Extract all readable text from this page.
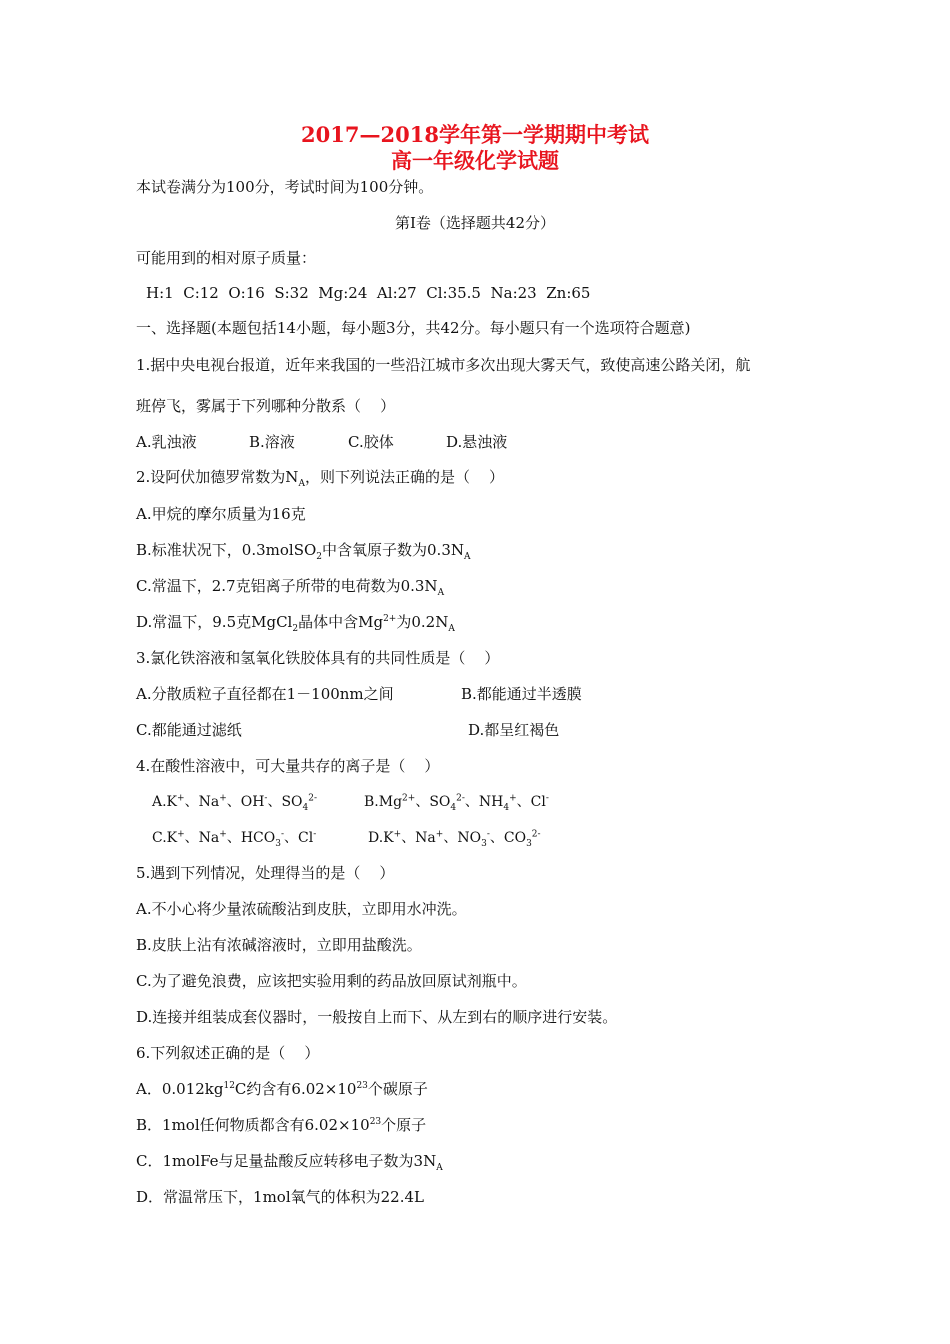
2017—2018学年第一学期期中考试
高一年级化学试题
本试卷满分为100分，考试时间为100分钟。
第Ⅰ卷（选择题共42分）
可能用到的相对原子质量：
H:1  C:12  O:16  S:32  Mg:24  Al:27  Cl:35.5  Na:23  Zn:65
一、选择题(本题包括14小题，每小题3分，共42分。每小题只有一个选项符合题意)
1.据中央电视台报道，近年来我国的一些沿江城市多次出现大雾天气，致使高速公路关闭，航
班停飞，雾属于下列哪种分散系（    ）
A.乳浊液	B.溶液	C.胶体	D.悬浊液
2.设阿伏加德罗常数为$N_A$，则下列说法正确的是（    ）
A.甲烷的摩尔质量为16克
B.标准状况下，0.3molSO$_2$中含氧原子数为$0.3N_A$
C.常温下，2.7克铝离子所带的电荷数为$0.3N_A$
D.常温下，9.5克MgCl$_2$晶体中含$Mg^{2+}$为$0.2N_A$
3.氯化铁溶液和氢氧化铁胶体具有的共同性质是（    ）
A.分散质粒子直径都在1－100nm之间	B.都能通过半透膜
C.都能通过滤纸	D.都呈红褐色
4.在酸性溶液中，可大量共存的离子是（    ）
A.K+、Na+、OH-、$SO_4^{2-}$	$B.Mg^{2+}$、$SO_4^{2-}$、$NH_4^+$、Cl-
C.K+、Na+、$HCO_3^-$、Cl-	D.K+、Na+、$NO_3^-$、$CO_3^{2-}$
5.遇到下列情况，处理得当的是（    ）
A.不小心将少量浓硫酸沾到皮肤，立即用水冲洗。
B.皮肤上沾有浓碱溶液时，立即用盐酸洗。
C.为了避免浪费，应该把实验用剩的药品放回原试剂瓶中。
D.连接并组装成套仪器时，一般按自上而下、从左到右的顺序进行安装。
6.下列叙述正确的是（    ）
A．$0.012kg^{12}C$约含有$6.02\times 10^{23}$个碳原子
B．1mol任何物质都含有$6.02\times 10^{23}$个原子
C．1molFe与足量盐酸反应转移电子数为$3N_A$
D．常温常压下，1mol氧气的体积为22.4L
